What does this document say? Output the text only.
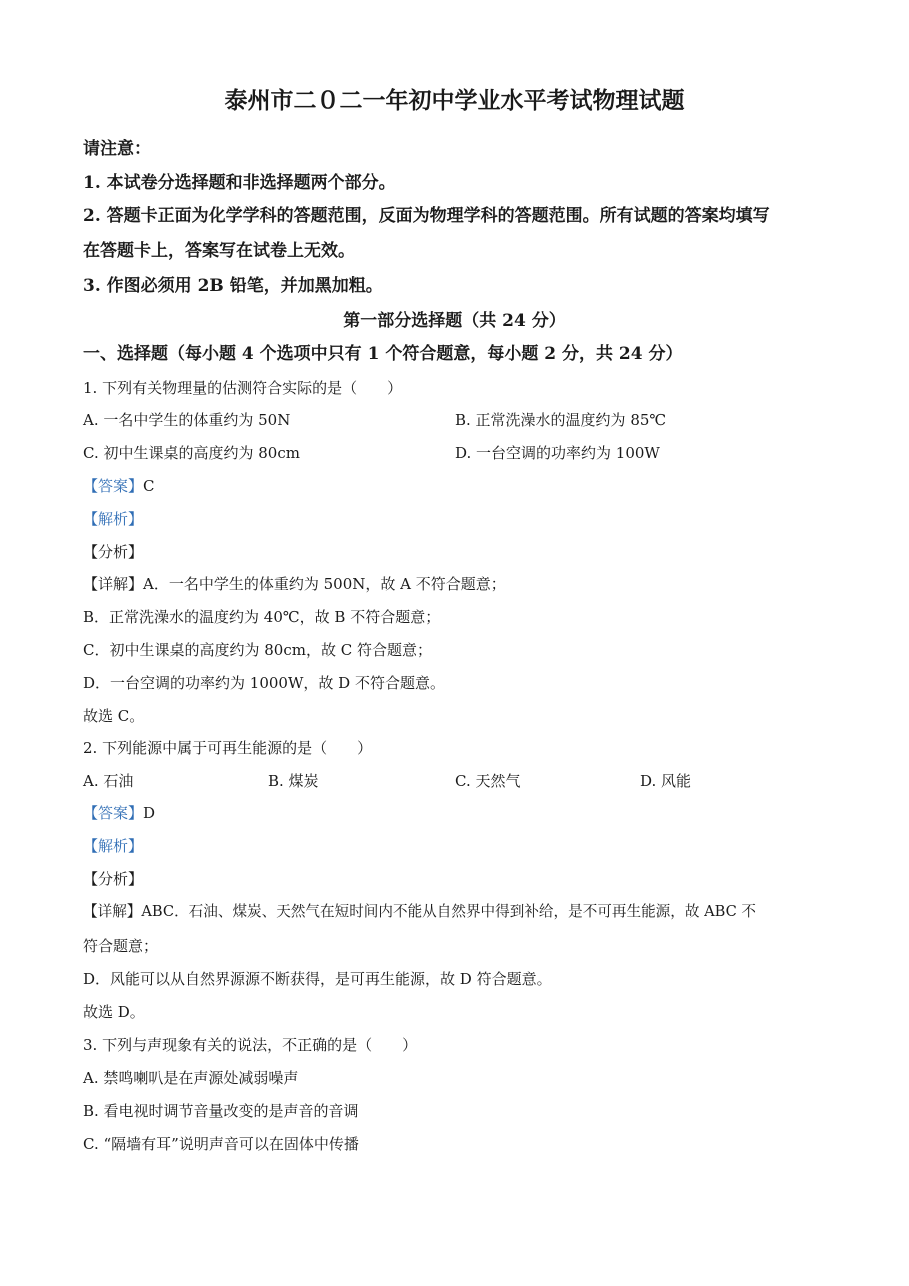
泰州市二０二一年初中学业水平考试物理试题
请注意：
1. 本试卷分选择题和非选择题两个部分。
2. 答题卡正面为化学学科的答题范围，反面为物理学科的答题范围。所有试题的答案均填写
在答题卡上，答案写在试卷上无效。
3. 作图必须用 2B 铅笔，并加黑加粗。
第一部分选择题（共 24 分）
一、选择题（每小题 4 个选项中只有 1 个符合题意，每小题 2 分，共 24 分）
1. 下列有关物理量的估测符合实际的是（　　）
A. 一名中学生的体重约为 50N	B. 正常洗澡水的温度约为 85℃
C. 初中生课桌的高度约为 80cm	D. 一台空调的功率约为 100W
【答案】C
【解析】
【分析】
【详解】A．一名中学生的体重约为 500N，故 A 不符合题意；
B．正常洗澡水的温度约为 40℃，故 B 不符合题意；
C．初中生课桌的高度约为 80cm，故 C 符合题意；
D．一台空调的功率约为 1000W，故 D 不符合题意。
故选 C。
2. 下列能源中属于可再生能源的是（　　）
A. 石油	B. 煤炭	C. 天然气	D. 风能
【答案】D
【解析】
【分析】
【详解】ABC．石油、煤炭、天然气在短时间内不能从自然界中得到补给，是不可再生能源，故 ABC 不
符合题意；
D．风能可以从自然界源源不断获得，是可再生能源，故 D 符合题意。
故选 D。
3. 下列与声现象有关的说法，不正确的是（　　）
A. 禁鸣喇叭是在声源处减弱噪声
B. 看电视时调节音量改变的是声音的音调
C. “隔墙有耳”说明声音可以在固体中传播
